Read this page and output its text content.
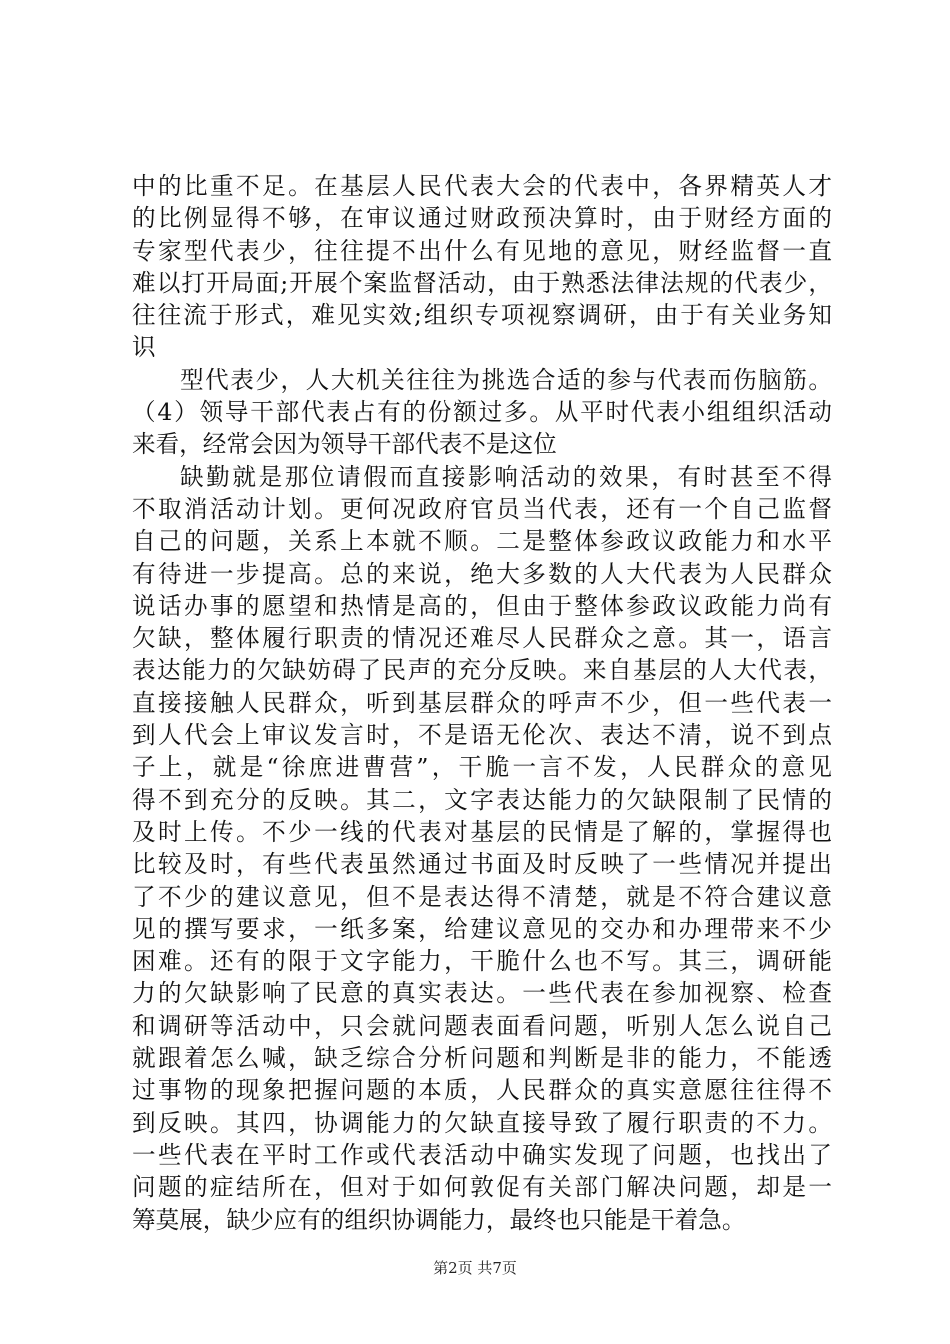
中的比重不足。在基层人民代表大会的代表中，各界精英人才
的比例显得不够，在审议通过财政预决算时，由于财经方面的
专家型代表少，往往提不出什么有见地的意见，财经监督一直
难以打开局面;开展个案监督活动，由于熟悉法律法规的代表少，
往往流于形式，难见实效;组织专项视察调研，由于有关业务知
识
型代表少，人大机关往往为挑选合适的参与代表而伤脑筋。
（4）领导干部代表占有的份额过多。从平时代表小组组织活动
来看，经常会因为领导干部代表不是这位
缺勤就是那位请假而直接影响活动的效果，有时甚至不得
不取消活动计划。更何况政府官员当代表，还有一个自己监督
自己的问题，关系上本就不顺。二是整体参政议政能力和水平
有待进一步提高。总的来说，绝大多数的人大代表为人民群众
说话办事的愿望和热情是高的，但由于整体参政议政能力尚有
欠缺，整体履行职责的情况还难尽人民群众之意。其一，语言
表达能力的欠缺妨碍了民声的充分反映。来自基层的人大代表，
直接接触人民群众，听到基层群众的呼声不少，但一些代表一
到人代会上审议发言时，不是语无伦次、表达不清，说不到点
子上，就是“徐庶进曹营”，干脆一言不发，人民群众的意见
得不到充分的反映。其二，文字表达能力的欠缺限制了民情的
及时上传。不少一线的代表对基层的民情是了解的，掌握得也
比较及时，有些代表虽然通过书面及时反映了一些情况并提出
了不少的建议意见，但不是表达得不清楚，就是不符合建议意
见的撰写要求，一纸多案，给建议意见的交办和办理带来不少
困难。还有的限于文字能力，干脆什么也不写。其三，调研能
力的欠缺影响了民意的真实表达。一些代表在参加视察、检查
和调研等活动中，只会就问题表面看问题，听别人怎么说自己
就跟着怎么喊，缺乏综合分析问题和判断是非的能力，不能透
过事物的现象把握问题的本质，人民群众的真实意愿往往得不
到反映。其四，协调能力的欠缺直接导致了履行职责的不力。
一些代表在平时工作或代表活动中确实发现了问题，也找出了
问题的症结所在，但对于如何敦促有关部门解决问题，却是一
筹莫展，缺少应有的组织协调能力，最终也只能是干着急。
第2页 共7页
